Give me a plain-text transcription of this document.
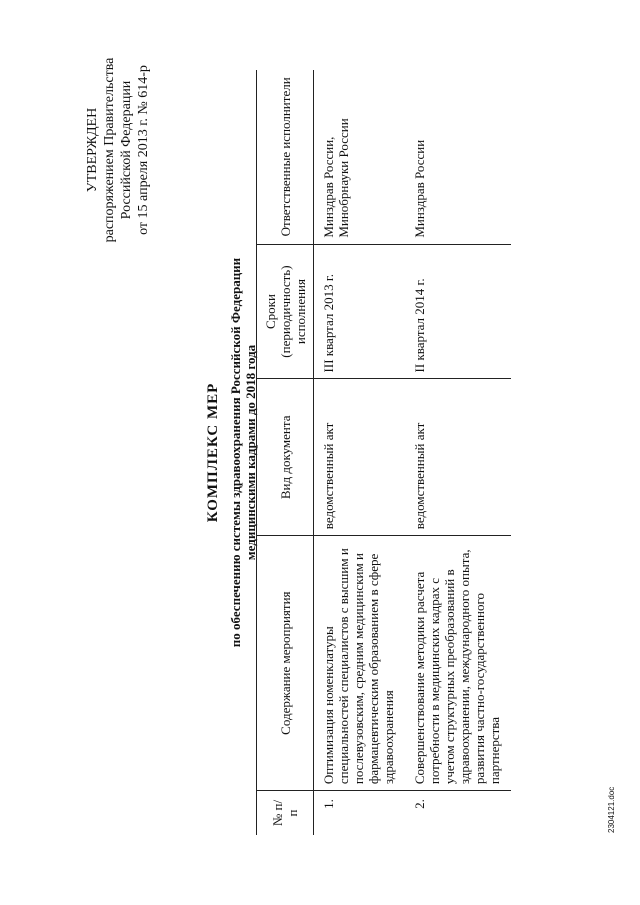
УТВЕРЖДЕН распоряжением Правительства Российской Федерации от 15 апреля 2013 г. № 614-р
КОМПЛЕКС МЕР по обеспечению системы здравоохранения Российской Федерации медицинскими кадрами до 2018 года
№ п/п	Содержание мероприятия	Вид документа	Сроки (периодичность) исполнения	Ответственные исполнители
1.	Оптимизация номенклатуры специальностей специалистов с высшим и послевузовским, средним медицинским и фармацевтическим образованием в сфере здравоохранения	ведомственный акт	III квартал 2013 г.	Минздрав России, Минобрнауки России
2.	Совершенствование методики расчета потребности в медицинских кадрах с учетом структурных преобразований в здравоохранении, международного опыта, развития частно-государственного партнерства	ведомственный акт	II квартал 2014 г.	Минздрав России
2304121.doc
